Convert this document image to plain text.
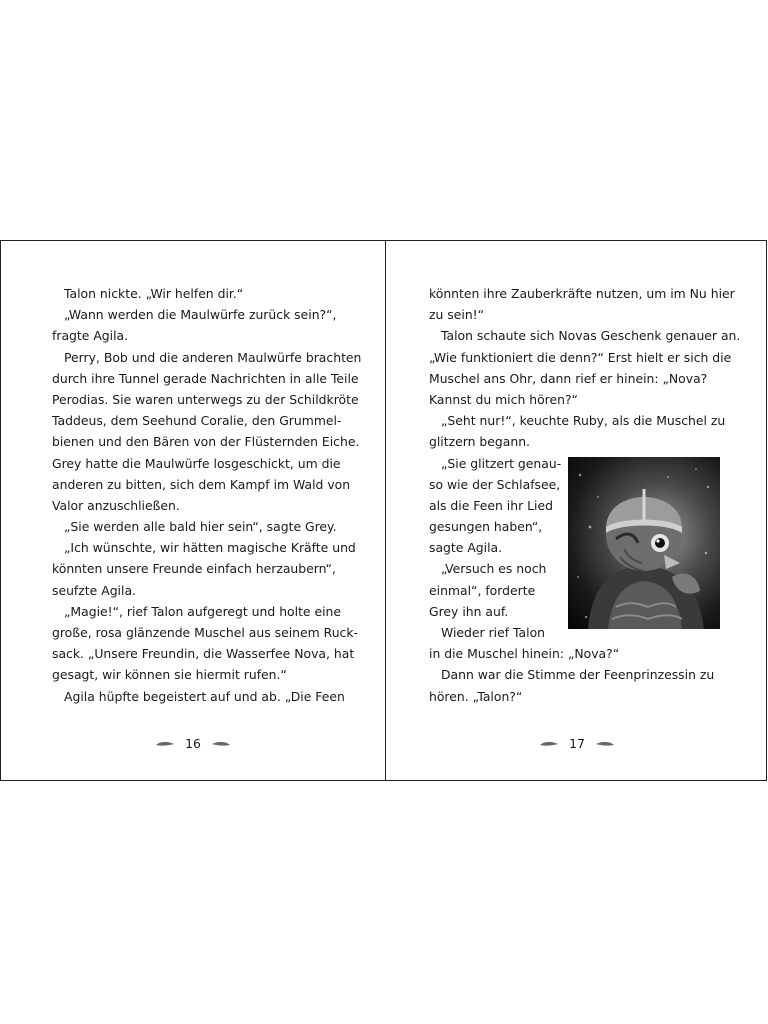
Talon nickte. „Wir helfen dir.“
„Wann werden die Maulwürfe zurück sein?“,
fragte Agila.
Perry, Bob und die anderen Maulwürfe brachten
durch ihre Tunnel gerade Nachrichten in alle Teile
Perodias. Sie waren unterwegs zu der Schildkröte
Taddeus, dem Seehund Coralie, den Grummel-
bienen und den Bären von der Flüsternden Eiche.
Grey hatte die Maulwürfe losgeschickt, um die
anderen zu bitten, sich dem Kampf im Wald von
Valor anzuschließen.
„Sie werden alle bald hier sein“, sagte Grey.
„Ich wünschte, wir hätten magische Kräfte und
könnten unsere Freunde einfach herzaubern“,
seufzte Agila.
„Magie!“, rief Talon aufgeregt und holte eine
große, rosa glänzende Muschel aus seinem Ruck-
sack. „Unsere Freundin, die Wasserfee Nova, hat
gesagt, wir können sie hiermit rufen.“
Agila hüpfte begeistert auf und ab. „Die Feen
16
könnten ihre Zauberkräfte nutzen, um im Nu hier
zu sein!“
Talon schaute sich Novas Geschenk genauer an.
„Wie funktioniert die denn?“ Erst hielt er sich die
Muschel ans Ohr, dann rief er hinein: „Nova?
Kannst du mich hören?“
„Seht nur!“, keuchte Ruby, als die Muschel zu
glitzern begann.
„Sie glitzert genau-
so wie der Schlafsee,
als die Feen ihr Lied
gesungen haben“,
sagte Agila.
„Versuch es noch
einmal“, forderte
Grey ihn auf.
Wieder rief Talon
in die Muschel hinein: „Nova?“
Dann war die Stimme der Feenprinzessin zu
hören. „Talon?“
17
